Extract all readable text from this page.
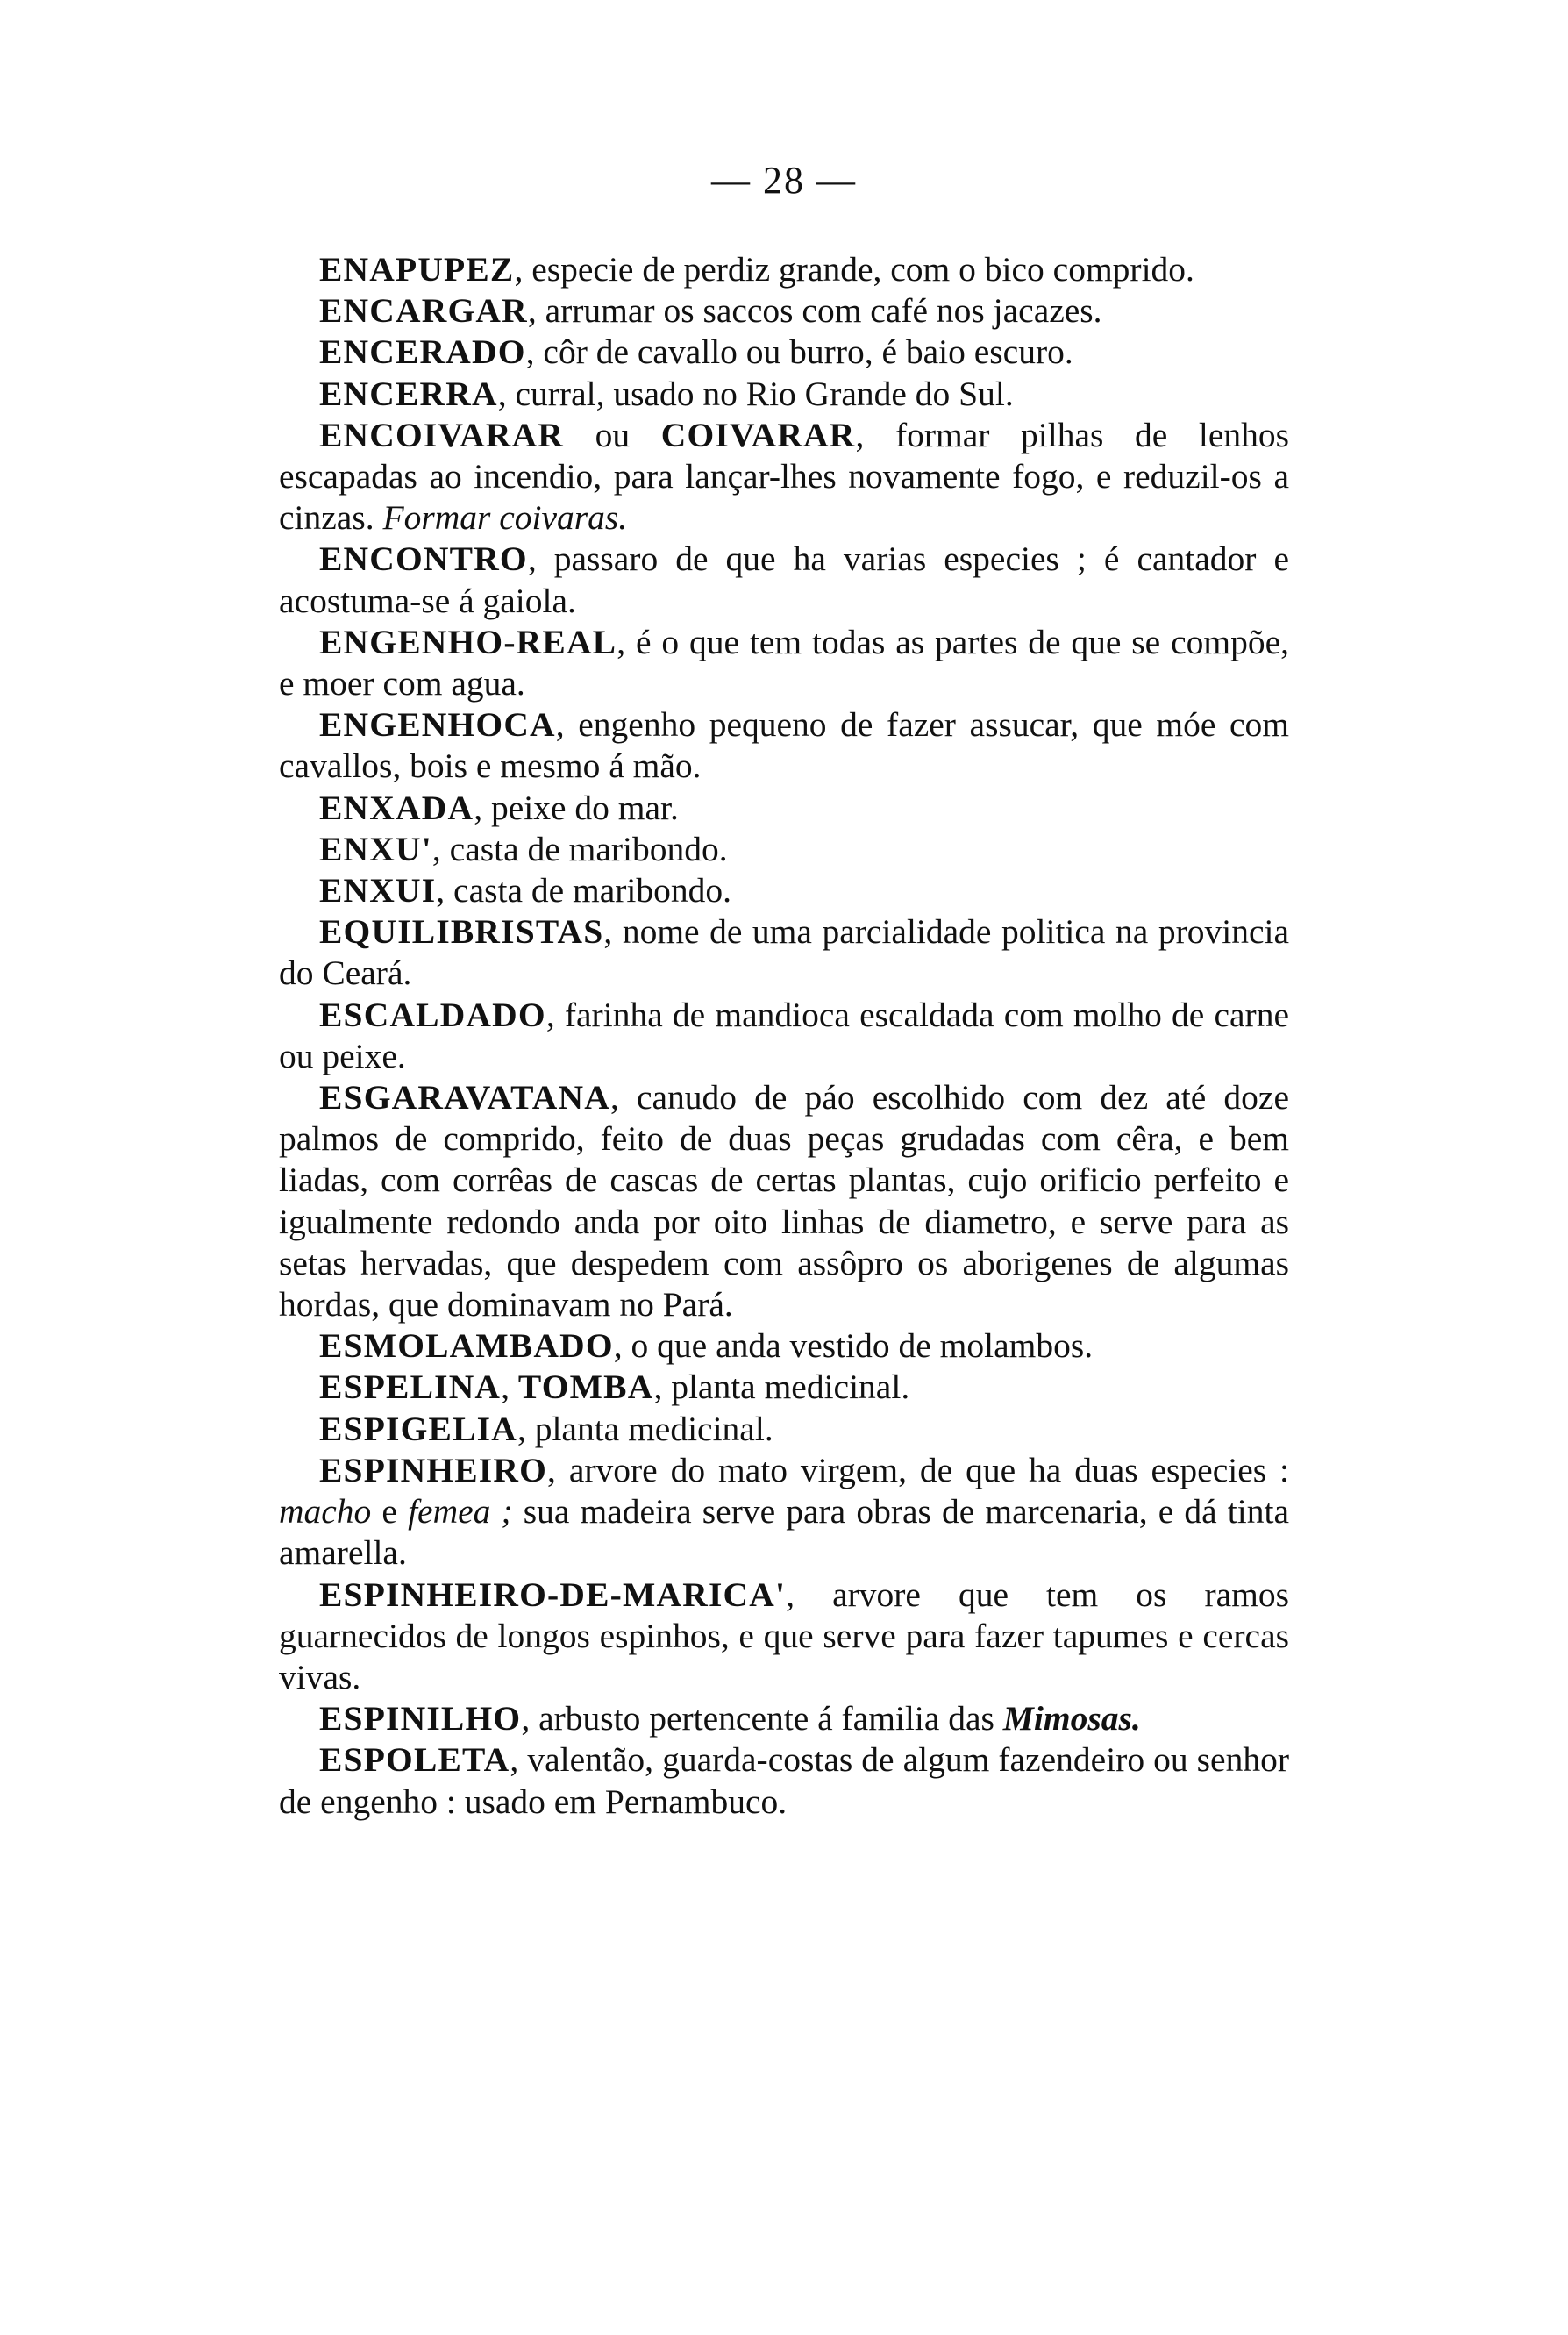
— 28 —

ENAPUPEZ, especie de perdiz grande, com o bico comprido.

ENCARGAR, arrumar os saccos com café nos jacazes.

ENCERADO, côr de cavallo ou burro, é baio escuro.

ENCERRA, curral, usado no Rio Grande do Sul.

ENCOIVARAR ou COIVARAR, formar pilhas de lenhos escapadas ao incendio, para lançar-lhes novamente fogo, e reduzil-os a cinzas. Formar coivaras.

ENCONTRO, passaro de que ha varias especies ; é cantador e acostuma-se á gaiola.

ENGENHO-REAL, é o que tem todas as partes de que se compõe, e moer com agua.

ENGENHOCA, engenho pequeno de fazer assucar, que móe com cavallos, bois e mesmo á mão.

ENXADA, peixe do mar.

ENXU', casta de maribondo.

ENXUI, casta de maribondo.

EQUILIBRISTAS, nome de uma parcialidade politica na provincia do Ceará.

ESCALDADO, farinha de mandioca escaldada com molho de carne ou peixe.

ESGARAVATANA, canudo de páo escolhido com dez até doze palmos de comprido, feito de duas peças grudadas com cêra, e bem liadas, com corrêas de cascas de certas plantas, cujo orificio perfeito e igualmente redondo anda por oito linhas de diametro, e serve para as setas hervadas, que despedem com assôpro os aborigenes de algumas hordas, que dominavam no Pará.

ESMOLAMBADO, o que anda vestido de molambos.

ESPELINA, TOMBA, planta medicinal.

ESPIGELIA, planta medicinal.

ESPINHEIRO, arvore do mato virgem, de que ha duas especies : macho e femea ; sua madeira serve para obras de marcenaria, e dá tinta amarella.

ESPINHEIRO-DE-MARICA', arvore que tem os ramos guarnecidos de longos espinhos, e que serve para fazer tapumes e cercas vivas.

ESPINILHO, arbusto pertencente á familia das Mimosas.

ESPOLETA, valentão, guarda-costas de algum fazendeiro ou senhor de engenho : usado em Pernambuco.
